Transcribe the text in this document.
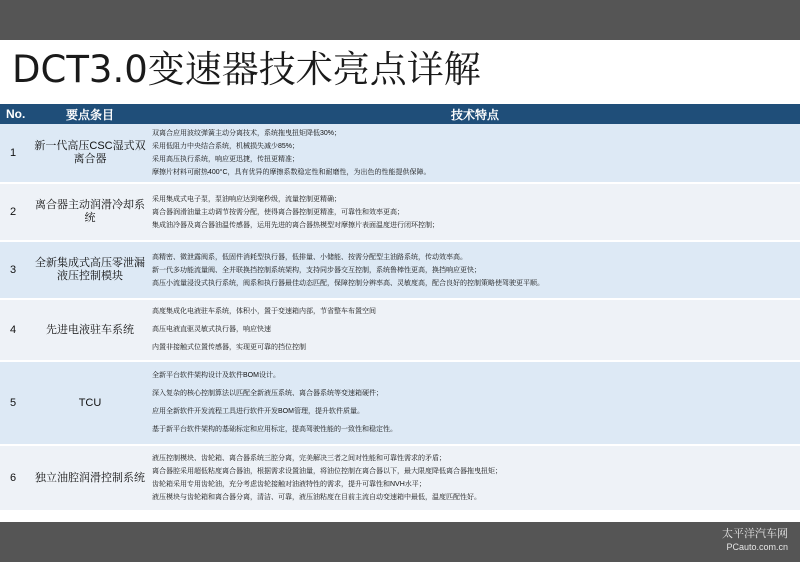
DCT3.0变速器技术亮点详解
No.	要点条目	技术特点
1	新一代高压CSC湿式双离合器	双离合应用波纹弹簧主动分离技术，系统拖曳扭矩降低30%；
采用低阻力中央结合系统，机械损失减少85%；
采用高压执行系统，响应更迅捷，传扭更精准；
摩擦片材料可耐热400°C，具有优异的摩擦系数稳定性和耐磨性，为出色的性能提供保障。

2	离合器主动润滑冷却系统	采用集成式电子泵，泵油响应达到毫秒级，流量控制更精确；
离合器润滑油量主动调节按需分配，使得离合器控制更精准，可靠性和效率更高；
集成油冷器及离合器油温传感器，运用先进的离合器热模型对摩擦片表面温度进行闭环控制；

3	全新集成式高压零泄漏液压控制模块	高精密、微泄露阀系，低固件消耗型执行器，低排量、小储能、按需分配型主油路系统，传动效率高。
新一代多功能流量阀、全并联换挡控制系统架构，支持同步器交互控制，系统鲁棒性更高，换挡响应更快；
高压小流量浸没式执行系统，阀系和执行器最佳动态匹配，保障控制分辨率高、灵敏度高，配合良好的控制策略使驾驶更平顺。

4	先进电液驻车系统	高度集成化电液驻车系统，体积小，置于变速箱内部，节省整车布置空间
高压电液直驱灵敏式执行器，响应快速
内置非接触式位置传感器，实现更可靠的挡位控制

5	TCU	全新平台软件架构设计及软件BOM设计。
深入复杂的核心控制算法以匹配全新液压系统、离合器系统等变速箱硬件；
应用全新软件开发流程工具进行软件开发BOM管理，提升软件质量。
基于新平台软件架构的基础标定和应用标定，提高驾驶性能的一致性和稳定性。

6	独立油腔润滑控制系统	液压控制模块、齿轮箱、离合器系统三腔分离，完美解决三者之间对性能和可靠性需求的矛盾；
离合器腔采用超低粘度离合器油，根据需求设置油量，将油位控制在离合器以下，最大限度降低离合器拖曳扭矩；
齿轮箱采用专用齿轮油，充分考虑齿轮接触对油液特性的需求，提升可靠性和NVH水平；
液压模块与齿轮箱和离合器分离，清洁、可靠，液压油粘度在目前主流自动变速箱中最低，温度匹配性好。
太平洋汽车网
PCauto.com.cn
